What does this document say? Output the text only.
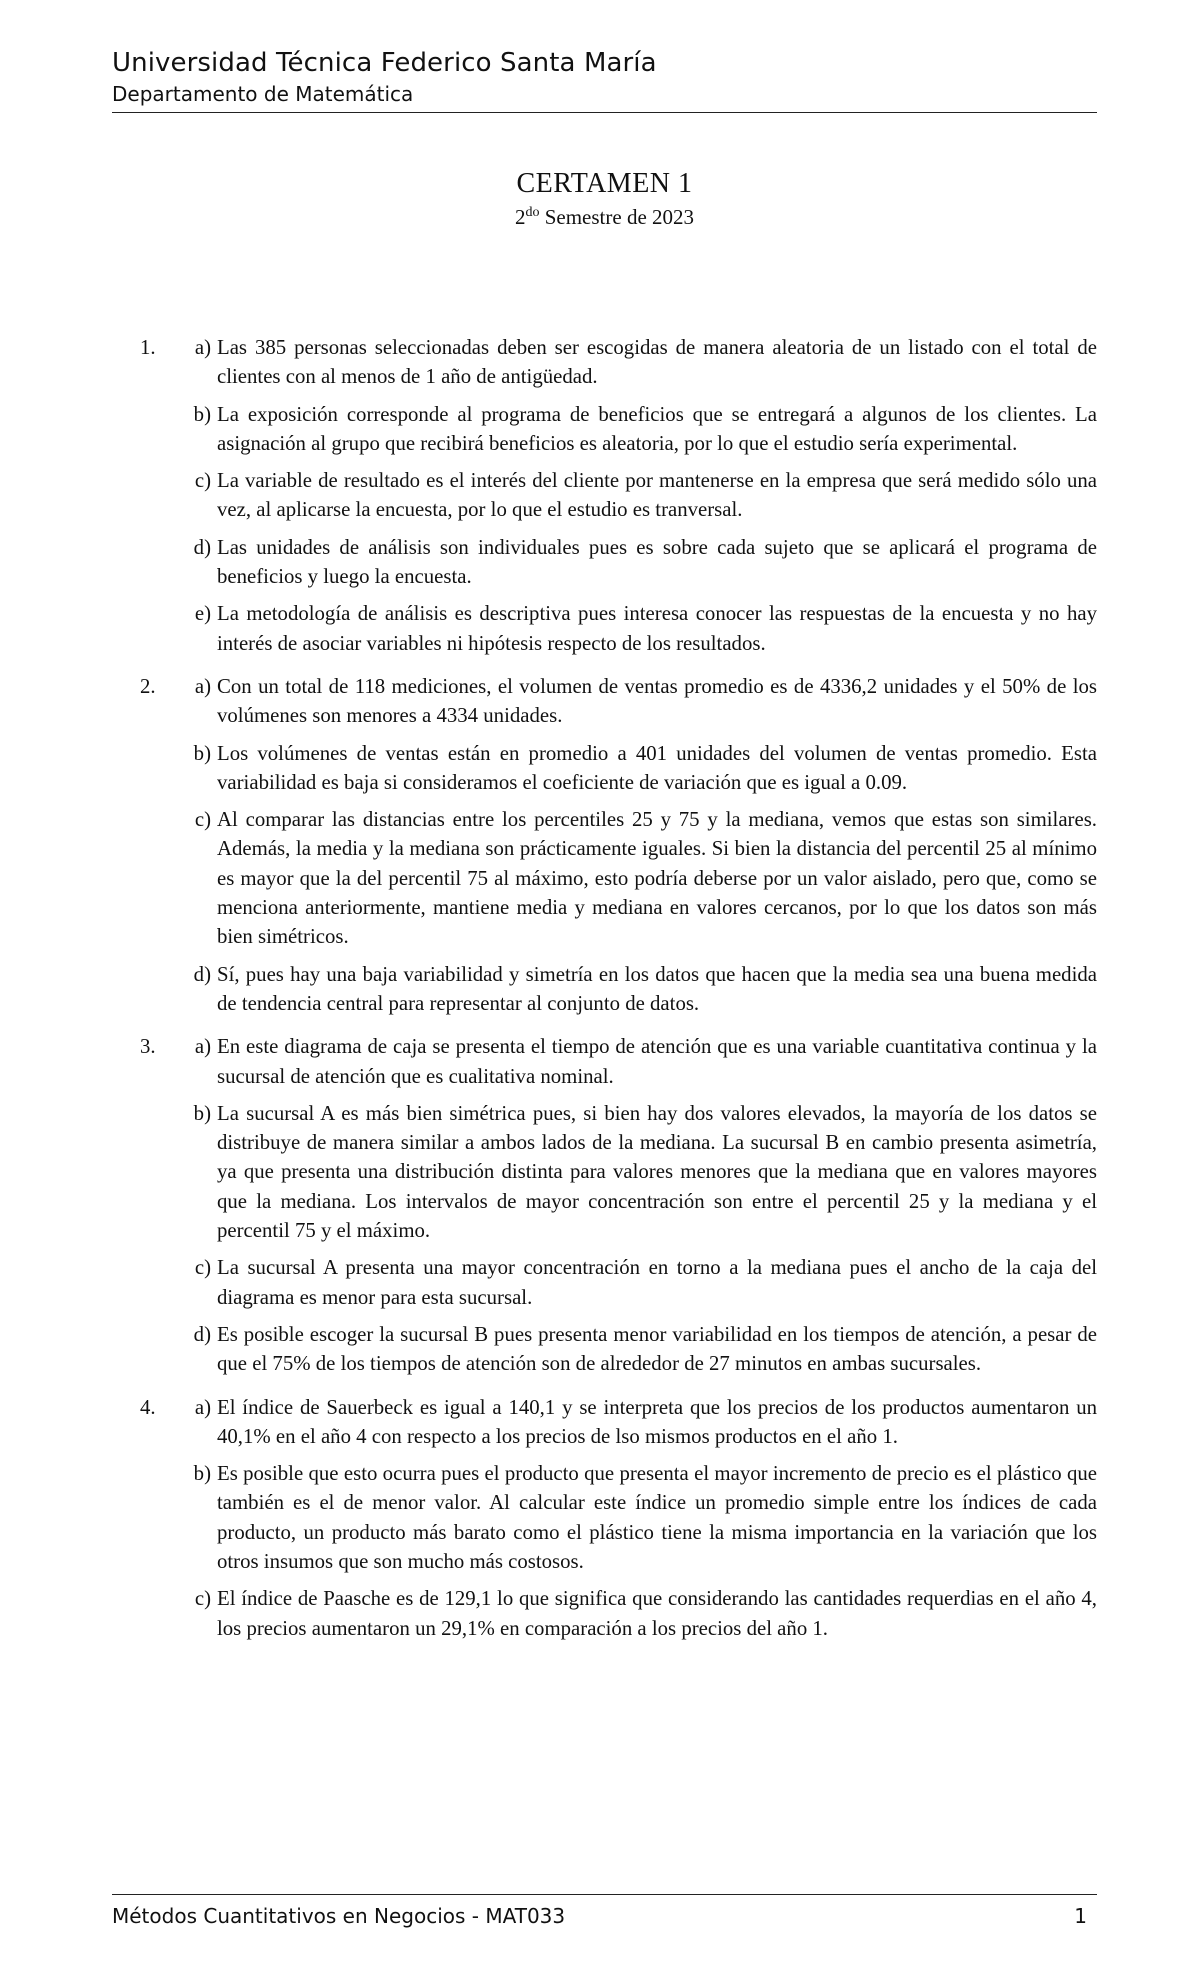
Universidad Técnica Federico Santa María
Departamento de Matemática
CERTAMEN 1
$2^{do}$ Semestre de 2023
1.	a) Las 385 personas seleccionadas deben ser escogidas de manera aleatoria de un listado con el total de clientes con al menos de 1 año de antigüedad.
b) La exposición corresponde al programa de beneficios que se entregará a algunos de los clientes. La asignación al grupo que recibirá beneficios es aleatoria, por lo que el estudio sería experimental.
c) La variable de resultado es el interés del cliente por mantenerse en la empresa que será medido sólo una vez, al aplicarse la encuesta, por lo que el estudio es tranversal.
d) Las unidades de análisis son individuales pues es sobre cada sujeto que se aplicará el programa de beneficios y luego la encuesta.
e) La metodología de análisis es descriptiva pues interesa conocer las respuestas de la encuesta y no hay interés de asociar variables ni hipótesis respecto de los resultados.
2.	a) Con un total de 118 mediciones, el volumen de ventas promedio es de 4336,2 unidades y el 50% de los volúmenes son menores a 4334 unidades.
b) Los volúmenes de ventas están en promedio a 401 unidades del volumen de ventas promedio. Esta variabilidad es baja si consideramos el coeficiente de variación que es igual a 0.09.
c) Al comparar las distancias entre los percentiles 25 y 75 y la mediana, vemos que estas son similares. Además, la media y la mediana son prácticamente iguales. Si bien la distancia del percentil 25 al mínimo es mayor que la del percentil 75 al máximo, esto podría deberse por un valor aislado, pero que, como se menciona anteriormente, mantiene media y mediana en valores cercanos, por lo que los datos son más bien simétricos.
d) Sí, pues hay una baja variabilidad y simetría en los datos que hacen que la media sea una buena medida de tendencia central para representar al conjunto de datos.
3.	a) En este diagrama de caja se presenta el tiempo de atención que es una variable cuantitativa continua y la sucursal de atención que es cualitativa nominal.
b) La sucursal A es más bien simétrica pues, si bien hay dos valores elevados, la mayoría de los datos se distribuye de manera similar a ambos lados de la mediana. La sucursal B en cambio presenta asimetría, ya que presenta una distribución distinta para valores menores que la mediana que en valores mayores que la mediana. Los intervalos de mayor concentración son entre el percentil 25 y la mediana y el percentil 75 y el máximo.
c) La sucursal A presenta una mayor concentración en torno a la mediana pues el ancho de la caja del diagrama es menor para esta sucursal.
d) Es posible escoger la sucursal B pues presenta menor variabilidad en los tiempos de atención, a pesar de que el 75% de los tiempos de atención son de alrededor de 27 minutos en ambas sucursales.
4.	a) El índice de Sauerbeck es igual a 140,1 y se interpreta que los precios de los productos aumentaron un 40,1% en el año 4 con respecto a los precios de lso mismos productos en el año 1.
b) Es posible que esto ocurra pues el producto que presenta el mayor incremento de precio es el plástico que también es el de menor valor. Al calcular este índice un promedio simple entre los índices de cada producto, un producto más barato como el plástico tiene la misma importancia en la variación que los otros insumos que son mucho más costosos.
c) El índice de Paasche es de 129,1 lo que significa que considerando las cantidades requerdias en el año 4, los precios aumentaron un 29,1% en comparación a los precios del año 1.
Métodos Cuantitativos en Negocios - MAT033	1
